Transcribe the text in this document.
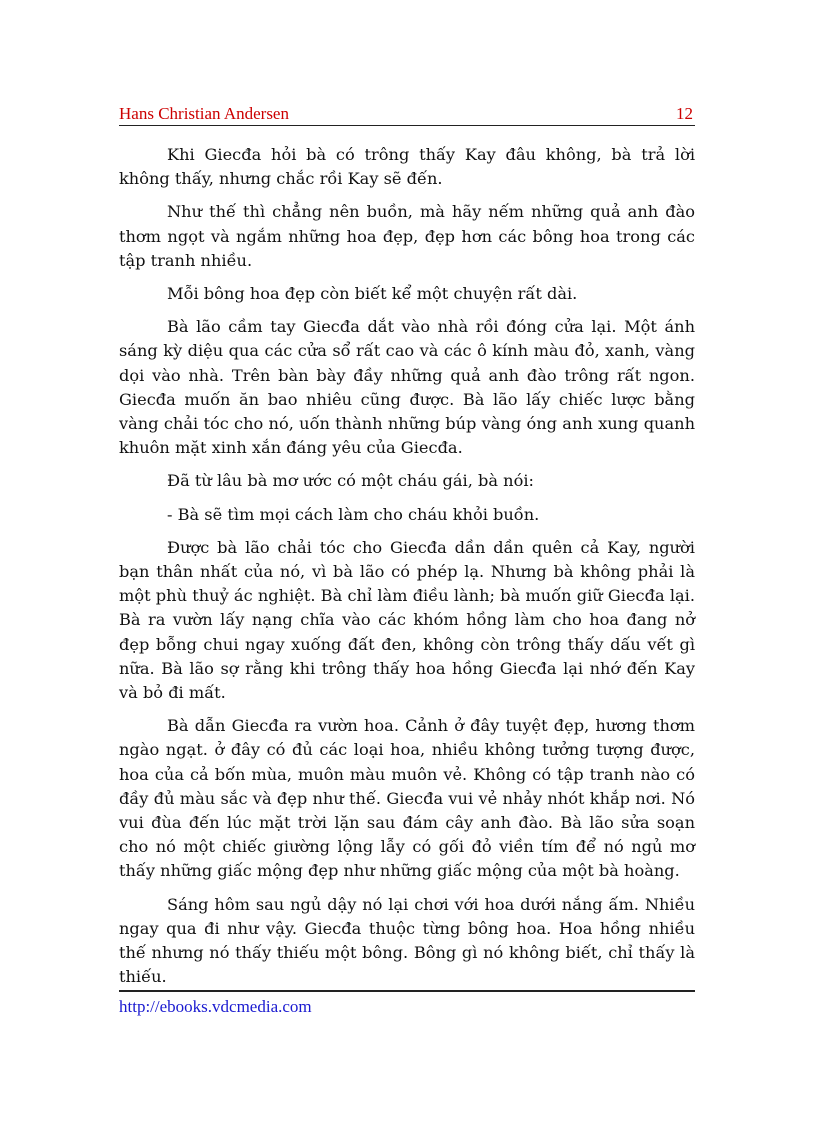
Hans Christian Andersen	12

Khi Giecđa hỏi bà có trông thấy Kay đâu không, bà trả lời không thấy, nhưng chắc rồi Kay sẽ đến.

Như thế thì chẳng nên buồn, mà hãy nếm những quả anh đào thơm ngọt và ngắm những hoa đẹp, đẹp hơn các bông hoa trong các tập tranh nhiều.

Mỗi bông hoa đẹp còn biết kể một chuyện rất dài.

Bà lão cầm tay Giecđa dắt vào nhà rồi đóng cửa lại. Một ánh sáng kỳ diệu qua các cửa sổ rất cao và các ô kính màu đỏ, xanh, vàng dọi vào nhà. Trên bàn bày đầy những quả anh đào trông rất ngon. Giecđa muốn ăn bao nhiêu cũng được. Bà lão lấy chiếc lược bằng vàng chải tóc cho nó, uốn thành những búp vàng óng anh xung quanh khuôn mặt xinh xắn đáng yêu của Giecđa.

Đã từ lâu bà mơ ước có một cháu gái, bà nói:

- Bà sẽ tìm mọi cách làm cho cháu khỏi buồn.

Được bà lão chải tóc cho Giecđa dần dần quên cả Kay, người bạn thân nhất của nó, vì bà lão có phép lạ. Nhưng bà không phải là một phù thuỷ ác nghiệt. Bà chỉ làm điều lành; bà muốn giữ Giecđa lại. Bà ra vườn lấy nạng chĩa vào các khóm hồng làm cho hoa đang nở đẹp bỗng chui ngay xuống đất đen, không còn trông thấy dấu vết gì nữa. Bà lão sợ rằng khi trông thấy hoa hồng Giecđa lại nhớ đến Kay và bỏ đi mất.

Bà dẫn Giecđa ra vườn hoa. Cảnh ở đây tuyệt đẹp, hương thơm ngào ngạt. ở đây có đủ các loại hoa, nhiều không tưởng tượng được, hoa của cả bốn mùa, muôn màu muôn vẻ. Không có tập tranh nào có đầy đủ màu sắc và đẹp như thế. Giecđa vui vẻ nhảy nhót khắp nơi. Nó vui đùa đến lúc mặt trời lặn sau đám cây anh đào. Bà lão sửa soạn cho nó một chiếc giường lộng lẫy có gối đỏ viền tím để nó ngủ mơ thấy những giấc mộng đẹp như những giấc mộng của một bà hoàng.

Sáng hôm sau ngủ dậy nó lại chơi với hoa dưới nắng ấm. Nhiều ngay qua đi như vậy. Giecđa thuộc từng bông hoa. Hoa hồng nhiều thế nhưng nó thấy thiếu một bông. Bông gì nó không biết, chỉ thấy là thiếu.

http://ebooks.vdcmedia.com
